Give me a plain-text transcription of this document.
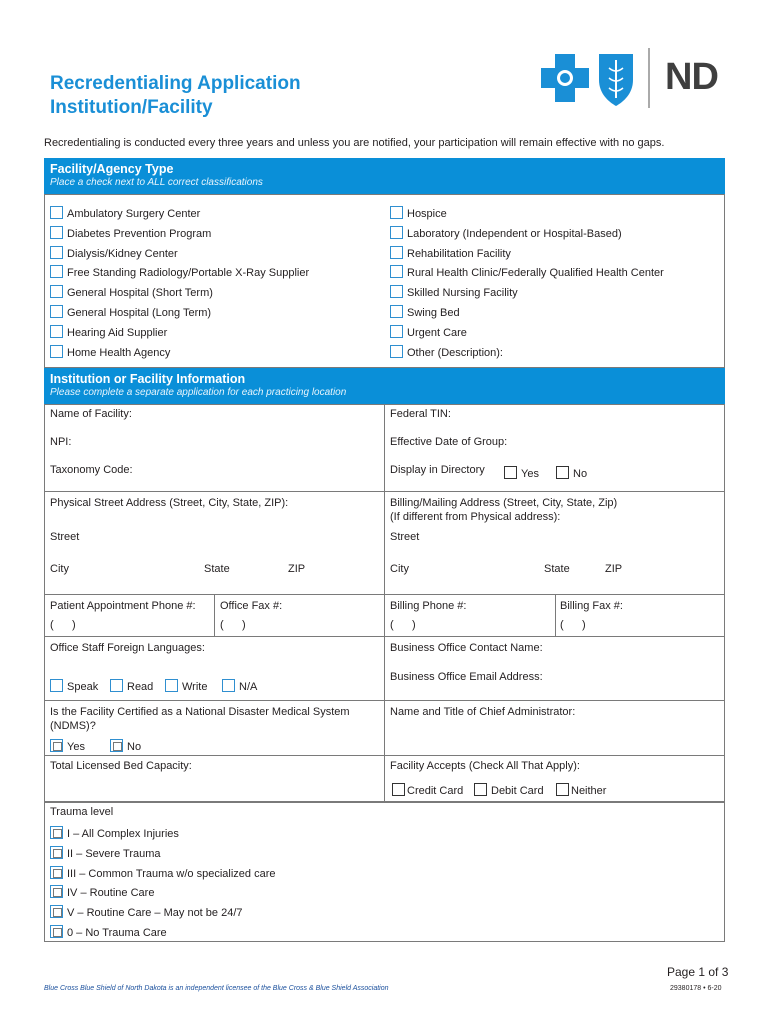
Recredentialing Application
Institution/Facility
ND
Recredentialing is conducted every three years and unless you are notified, your participation will remain effective with no gaps.
Facility/Agency Type
Place a check next to ALL correct classifications
Ambulatory Surgery Center
Diabetes Prevention Program
Dialysis/Kidney Center
Free Standing Radiology/Portable X-Ray Supplier
General Hospital (Short Term)
General Hospital (Long Term)
Hearing Aid Supplier
Home Health Agency
Hospice
Laboratory (Independent or Hospital-Based)
Rehabilitation Facility
Rural Health Clinic/Federally Qualified Health Center
Skilled Nursing Facility
Swing Bed
Urgent Care
Other (Description):
Institution or Facility Information
Please complete a separate application for each practicing location
Name of Facility:	Federal TIN:
NPI:	Effective Date of Group:
Taxonomy Code:	Display in Directory	Yes	No
Physical Street Address (Street, City, State, ZIP):	Billing/Mailing Address (Street, City, State, Zip)
(If different from Physical address):
Street	Street
City	State	ZIP	City	State	ZIP
Patient Appointment Phone #: Office Fax #:	Billing Phone #:	Billing Fax #:
(      )	(      )	(      )	(      )
Office Staff Foreign Languages:	Business Office Contact Name:
Business Office Email Address:
Speak	Read	Write	N/A
Is the Facility Certified as a National Disaster Medical System
(NDMS)?
Name and Title of Chief Administrator:
Yes	No
Total Licensed Bed Capacity:	Facility Accepts (Check All That Apply):
Credit Card	Debit Card	Neither
Trauma level
I – All Complex Injuries
II – Severe Trauma
III – Common Trauma w/o specialized care
IV – Routine Care
V – Routine Care – May not be 24/7
0 – No Trauma Care
Page 1 of 3
Blue Cross Blue Shield of North Dakota is an independent licensee of the Blue Cross & Blue Shield Association	29380178 • 6-20
